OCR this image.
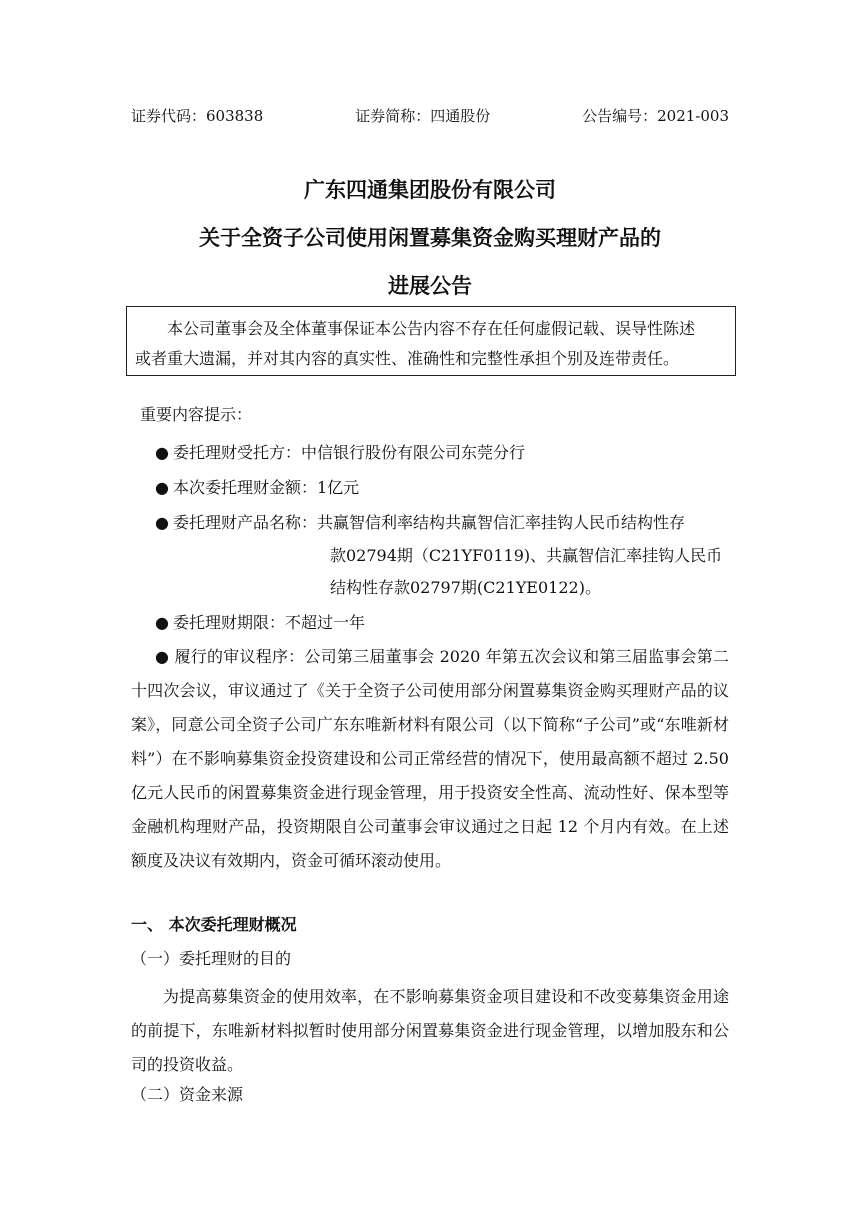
证券代码：603838	证券简称：四通股份	公告编号：2021-003
广东四通集团股份有限公司
关于全资子公司使用闲置募集资金购买理财产品的
进展公告
本公司董事会及全体董事保证本公告内容不存在任何虚假记载、误导性陈述
或者重大遗漏，并对其内容的真实性、准确性和完整性承担个别及连带责任。
重要内容提示：
● 委托理财受托方：中信银行股份有限公司东莞分行
● 本次委托理财金额：1亿元
● 委托理财产品名称：共赢智信利率结构共赢智信汇率挂钩人民币结构性存
款02794期（C21YF0119)、共赢智信汇率挂钩人民币结构性存款02797期(C21YE0122)。
● 委托理财期限：不超过一年
● 履行的审议程序：公司第三届董事会 2020 年第五次会议和第三届监事会第二十四次会议，审议通过了《关于全资子公司使用部分闲置募集资金购买理财产品的议案》，同意公司全资子公司广东东唯新材料有限公司（以下简称“子公司”或“东唯新材料”）在不影响募集资金投资建设和公司正常经营的情况下，使用最高额不超过 2.50 亿元人民币的闲置募集资金进行现金管理，用于投资安全性高、流动性好、保本型等金融机构理财产品，投资期限自公司董事会审议通过之日起 12 个月内有效。在上述额度及决议有效期内，资金可循环滚动使用。
一、 本次委托理财概况
（一）委托理财的目的
为提高募集资金的使用效率，在不影响募集资金项目建设和不改变募集资金用途的前提下，东唯新材料拟暂时使用部分闲置募集资金进行现金管理，以增加股东和公司的投资收益。
（二）资金来源
